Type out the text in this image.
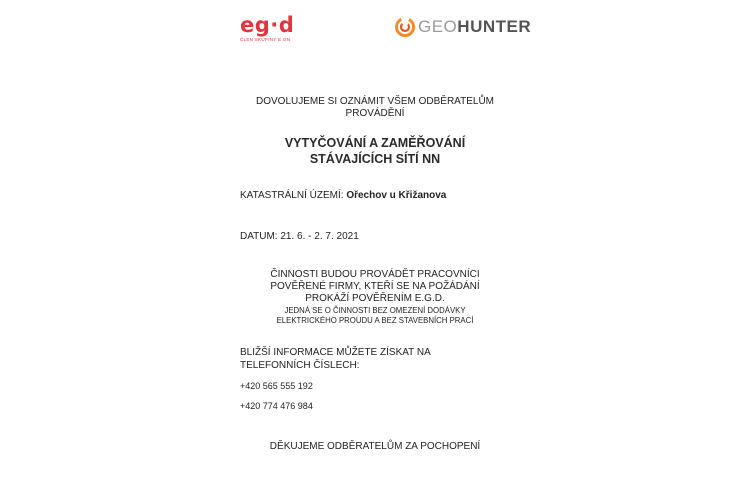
eg·d
ČLEN SKUPINY E.ON
GEOHUNTER
DOVOLUJEME SI OZNÁMIT VŠEM ODBĚRATELŮM
PROVÁDĚNÍ
VYTYČOVÁNÍ A ZAMĚŘOVÁNÍ
STÁVAJÍCÍCH SÍTÍ NN
KATASTRÁLNÍ ÚZEMÍ: Ořechov u Křižanova
DATUM: 21. 6. - 2. 7. 2021
ČINNOSTI BUDOU PROVÁDĚT PRACOVNÍCI
POVĚŘENÉ FIRMY, KTEŘÍ SE NA POŽÁDÁNÍ
PROKÁŽÍ POVĚŘENÍM E.G.D.
JEDNÁ SE O ČINNOSTI BEZ OMEZENÍ DODÁVKY
ELEKTRICKÉHO PROUDU A BEZ STAVEBNÍCH PRACÍ
BLIŽŠÍ INFORMACE MŮŽETE ZÍSKAT NA
TELEFONNÍCH ČÍSLECH:
+420 565 555 192
+420 774 476 984
DĚKUJEME ODBĚRATELŮM ZA POCHOPENÍ
